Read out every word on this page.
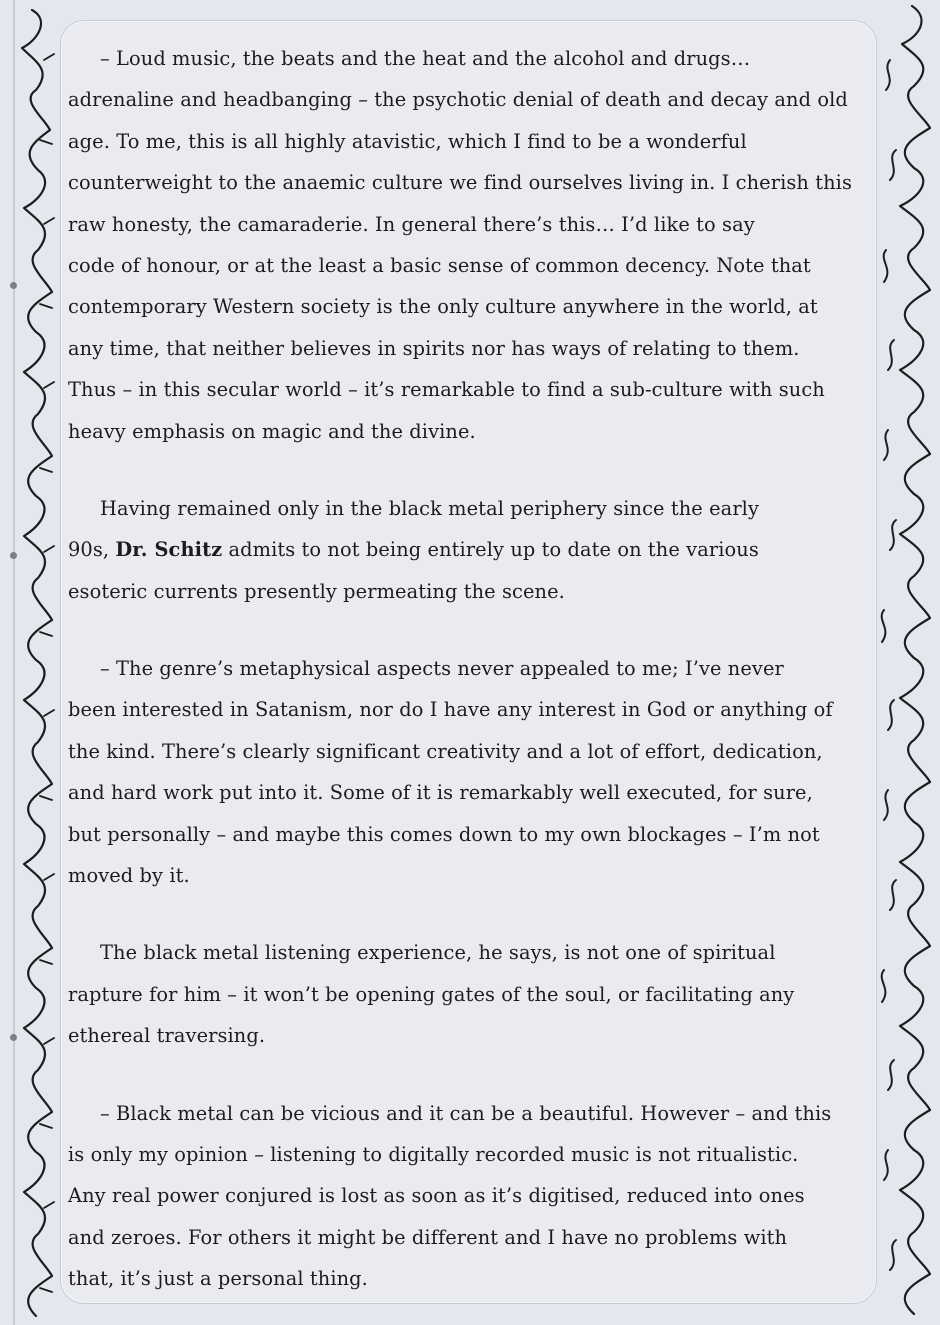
– Loud music, the beats and the heat and the alcohol and drugs…
adrenaline and headbanging – the psychotic denial of death and decay and old
age. To me, this is all highly atavistic, which I find to be a wonderful
counterweight to the anaemic culture we find ourselves living in. I cherish this
raw honesty, the camaraderie. In general there’s this… I’d like to say
code of honour, or at the least a basic sense of common decency. Note that
contemporary Western society is the only culture anywhere in the world, at
any time, that neither believes in spirits nor has ways of relating to them.
Thus – in this secular world – it’s remarkable to find a sub-culture with such
heavy emphasis on magic and the divine.
Having remained only in the black metal periphery since the early
90s, Dr. Schitz admits to not being entirely up to date on the various
esoteric currents presently permeating the scene.
– The genre’s metaphysical aspects never appealed to me; I’ve never
been interested in Satanism, nor do I have any interest in God or anything of
the kind. There’s clearly significant creativity and a lot of effort, dedication,
and hard work put into it. Some of it is remarkably well executed, for sure,
but personally – and maybe this comes down to my own blockages – I’m not
moved by it.
The black metal listening experience, he says, is not one of spiritual
rapture for him – it won’t be opening gates of the soul, or facilitating any
ethereal traversing.
– Black metal can be vicious and it can be a beautiful. However – and this
is only my opinion – listening to digitally recorded music is not ritualistic.
Any real power conjured is lost as soon as it’s digitised, reduced into ones
and zeroes. For others it might be different and I have no problems with
that, it’s just a personal thing.
